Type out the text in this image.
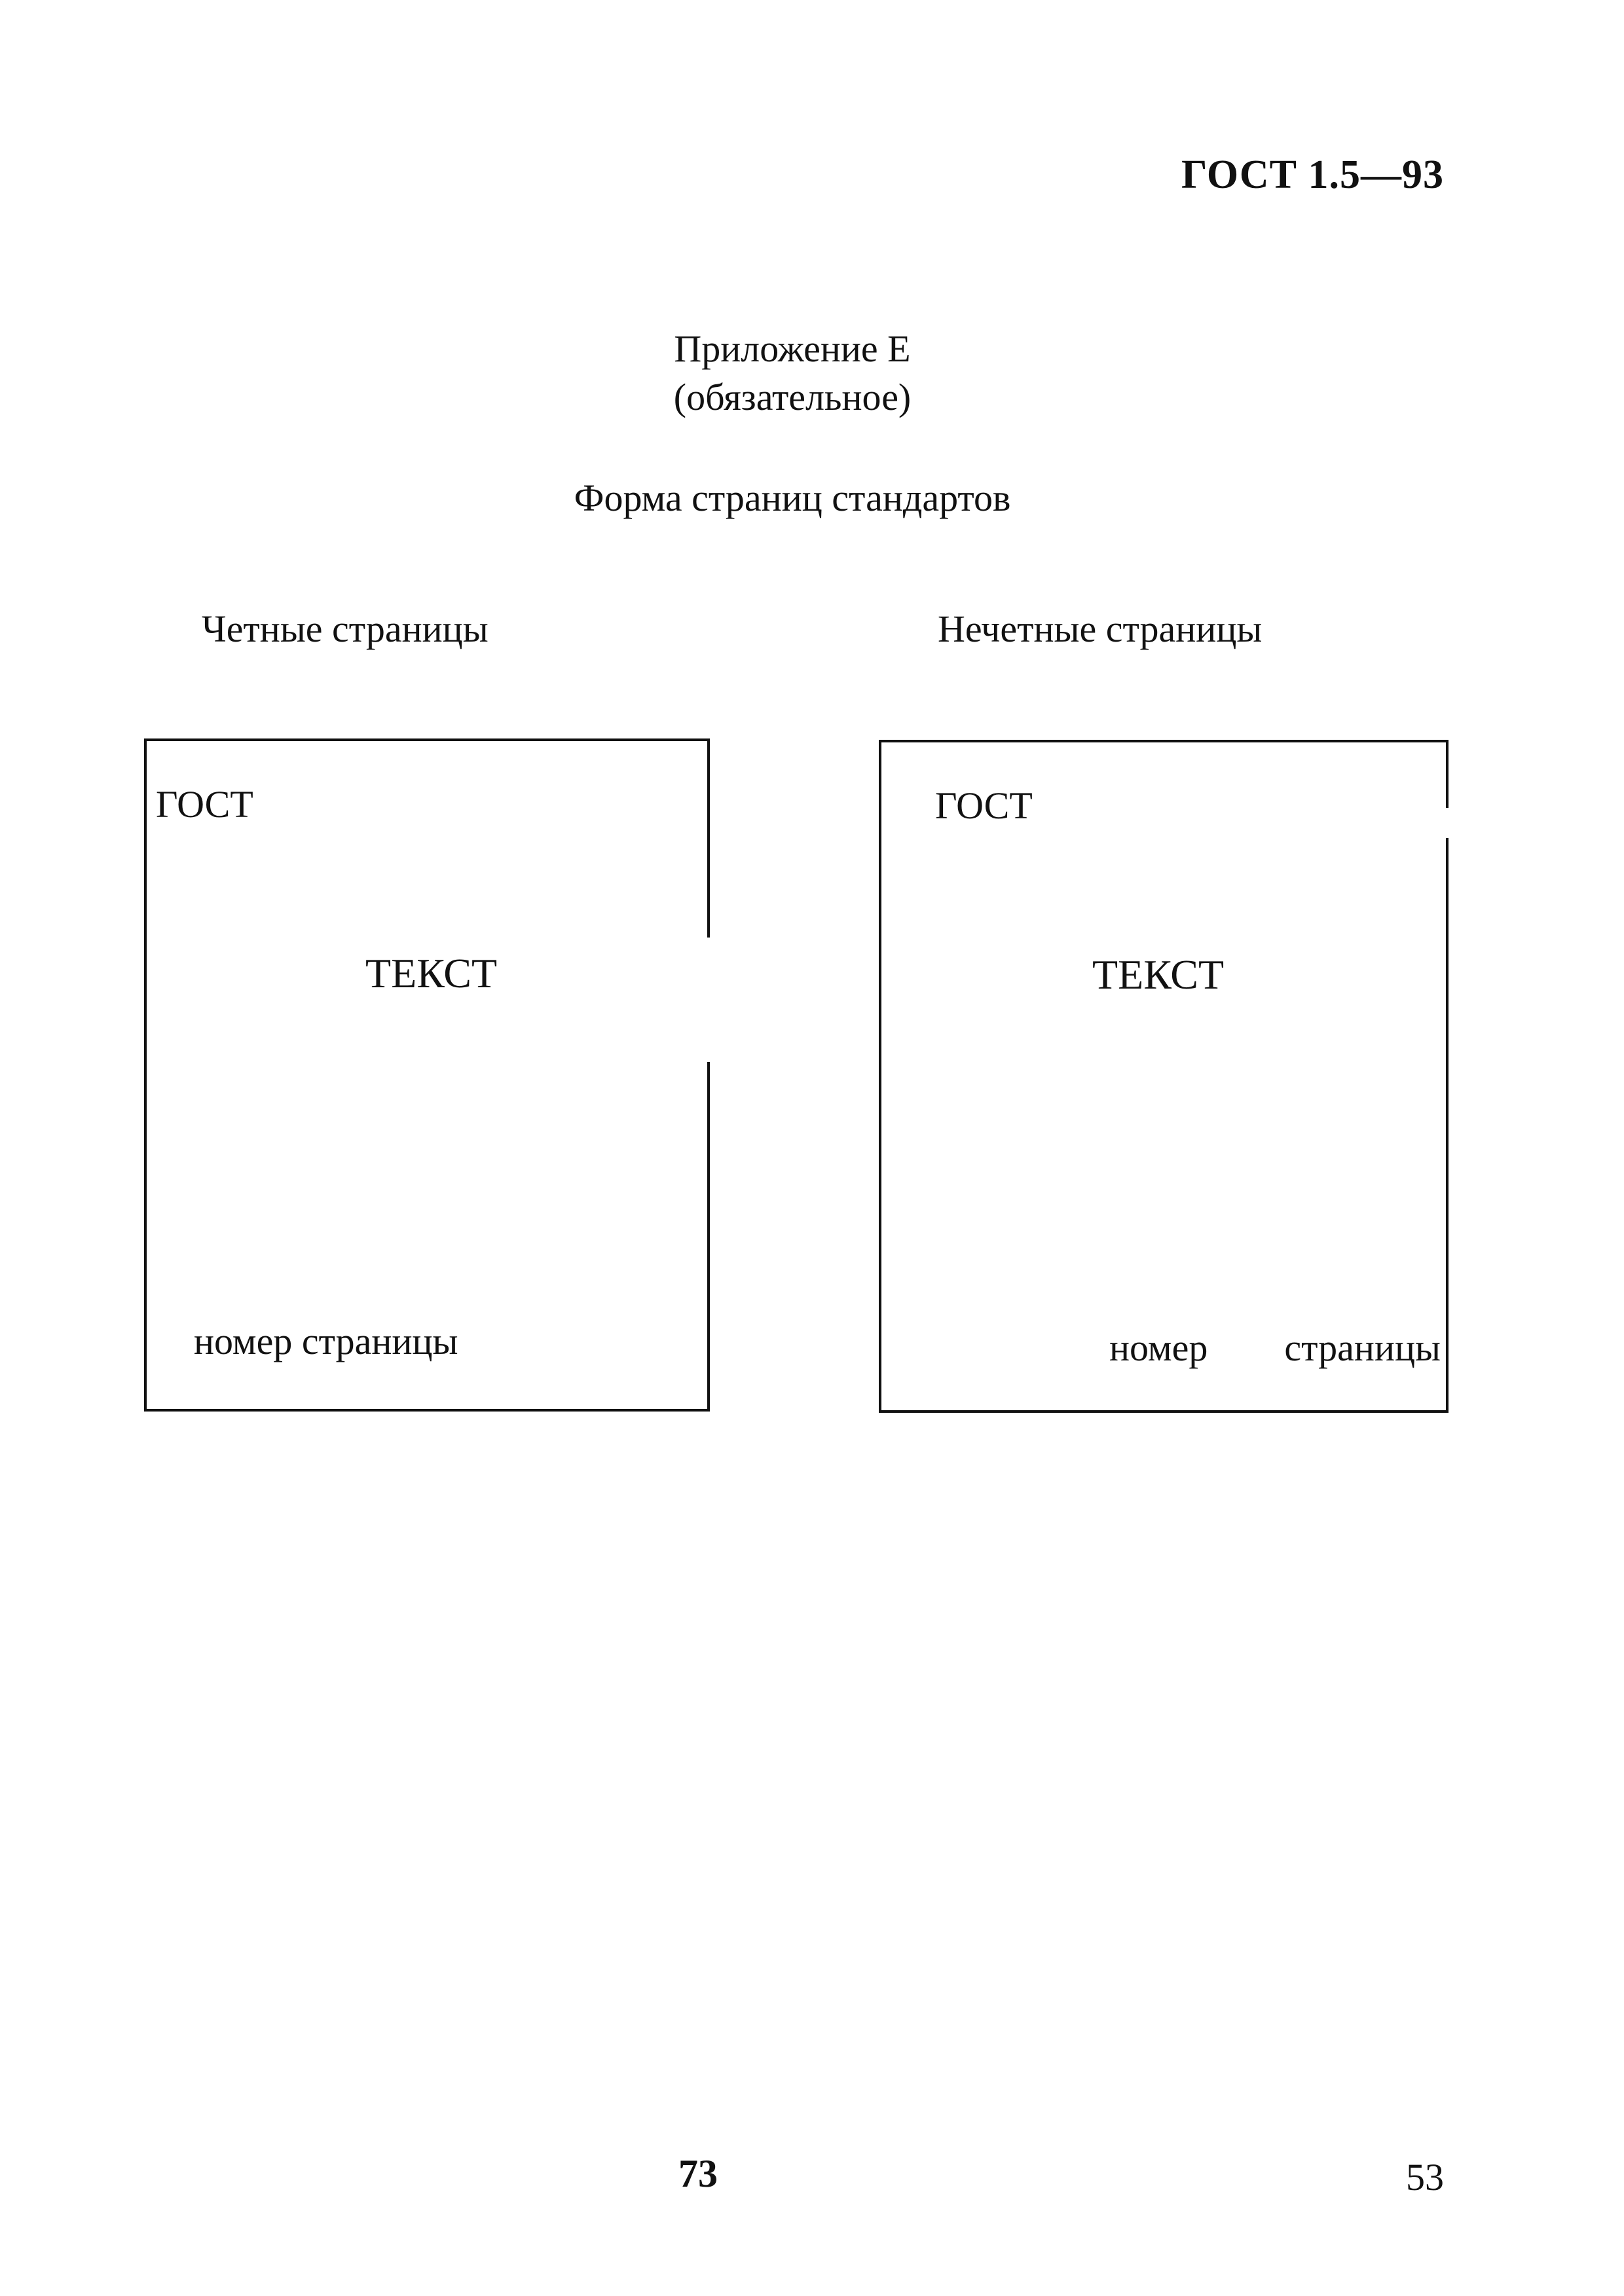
ГОСТ 1.5—93
Приложение Е
(обязательное)
Форма страниц стандартов
Четные страницы	Нечетные страницы
ГОСТ
ТЕКСТ
номер страницы
ГОСТ
ТЕКСТ
номер страницы
73	53
